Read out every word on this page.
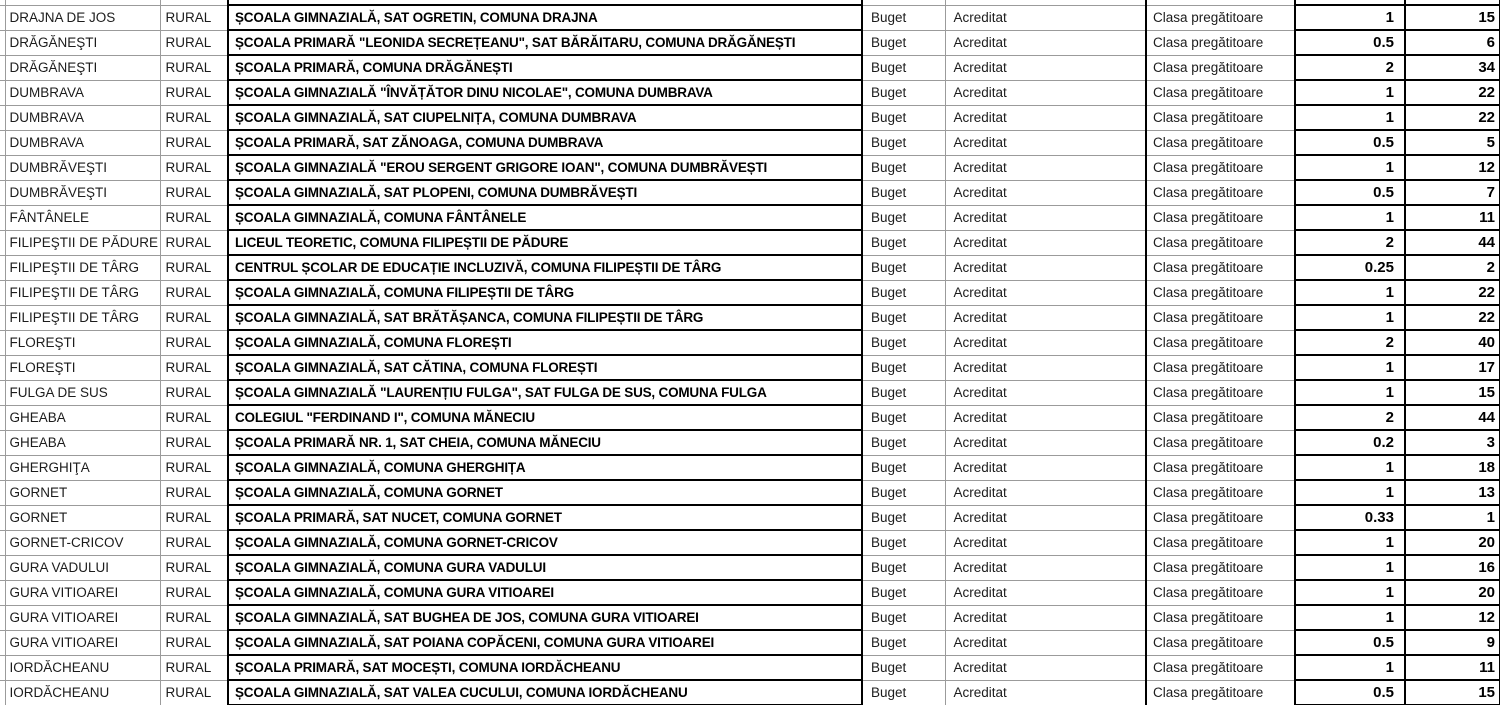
	DRAJNA DE JOS	RURAL	ȘCOALA GIMNAZIALĂ, SAT OGRETIN, COMUNA DRAJNA	Buget	Acreditat	Clasa pregătitoare	1	15
	DRĂGĂNEŞTI	RURAL	ȘCOALA PRIMARĂ "LEONIDA SECREȚEANU", SAT BĂRĂITARU, COMUNA DRĂGĂNEȘTI	Buget	Acreditat	Clasa pregătitoare	0.5	6
	DRĂGĂNEŞTI	RURAL	ȘCOALA PRIMARĂ, COMUNA DRĂGĂNEȘTI	Buget	Acreditat	Clasa pregătitoare	2	34
	DUMBRAVA	RURAL	ȘCOALA GIMNAZIALĂ "ÎNVĂȚĂTOR DINU NICOLAE", COMUNA DUMBRAVA	Buget	Acreditat	Clasa pregătitoare	1	22
	DUMBRAVA	RURAL	ȘCOALA GIMNAZIALĂ, SAT CIUPELNIȚA, COMUNA DUMBRAVA	Buget	Acreditat	Clasa pregătitoare	1	22
	DUMBRAVA	RURAL	ȘCOALA PRIMARĂ, SAT ZĂNOAGA, COMUNA DUMBRAVA	Buget	Acreditat	Clasa pregătitoare	0.5	5
	DUMBRĂVEŞTI	RURAL	ȘCOALA GIMNAZIALĂ "EROU SERGENT GRIGORE IOAN", COMUNA DUMBRĂVEȘTI	Buget	Acreditat	Clasa pregătitoare	1	12
	DUMBRĂVEŞTI	RURAL	ȘCOALA GIMNAZIALĂ, SAT PLOPENI, COMUNA DUMBRĂVEȘTI	Buget	Acreditat	Clasa pregătitoare	0.5	7
	FÂNTÂNELE	RURAL	ȘCOALA GIMNAZIALĂ, COMUNA FÂNTÂNELE	Buget	Acreditat	Clasa pregătitoare	1	11
	FILIPEŞTII DE PĂDURE	RURAL	LICEUL TEORETIC, COMUNA FILIPEȘTII DE PĂDURE	Buget	Acreditat	Clasa pregătitoare	2	44
	FILIPEŞTII DE TÂRG	RURAL	CENTRUL ȘCOLAR DE EDUCAȚIE INCLUZIVĂ, COMUNA FILIPEȘTII DE TÂRG	Buget	Acreditat	Clasa pregătitoare	0.25	2
	FILIPEŞTII DE TÂRG	RURAL	ȘCOALA GIMNAZIALĂ, COMUNA FILIPEȘTII DE TÂRG	Buget	Acreditat	Clasa pregătitoare	1	22
	FILIPEŞTII DE TÂRG	RURAL	ȘCOALA GIMNAZIALĂ, SAT BRĂTĂȘANCA, COMUNA FILIPEȘTII DE TÂRG	Buget	Acreditat	Clasa pregătitoare	1	22
	FLOREŞTI	RURAL	ȘCOALA GIMNAZIALĂ, COMUNA FLOREȘTI	Buget	Acreditat	Clasa pregătitoare	2	40
	FLOREŞTI	RURAL	ȘCOALA GIMNAZIALĂ, SAT CĂTINA, COMUNA FLOREȘTI	Buget	Acreditat	Clasa pregătitoare	1	17
	FULGA DE SUS	RURAL	ȘCOALA GIMNAZIALĂ "LAURENȚIU FULGA", SAT FULGA DE SUS, COMUNA FULGA	Buget	Acreditat	Clasa pregătitoare	1	15
	GHEABA	RURAL	COLEGIUL "FERDINAND I", COMUNA MĂNECIU	Buget	Acreditat	Clasa pregătitoare	2	44
	GHEABA	RURAL	ȘCOALA PRIMARĂ NR. 1, SAT CHEIA, COMUNA MĂNECIU	Buget	Acreditat	Clasa pregătitoare	0.2	3
	GHERGHIŢA	RURAL	ȘCOALA GIMNAZIALĂ, COMUNA GHERGHIȚA	Buget	Acreditat	Clasa pregătitoare	1	18
	GORNET	RURAL	ȘCOALA GIMNAZIALĂ, COMUNA GORNET	Buget	Acreditat	Clasa pregătitoare	1	13
	GORNET	RURAL	ȘCOALA PRIMARĂ, SAT NUCET, COMUNA GORNET	Buget	Acreditat	Clasa pregătitoare	0.33	1
	GORNET-CRICOV	RURAL	ȘCOALA GIMNAZIALĂ, COMUNA GORNET-CRICOV	Buget	Acreditat	Clasa pregătitoare	1	20
	GURA VADULUI	RURAL	ȘCOALA GIMNAZIALĂ, COMUNA GURA VADULUI	Buget	Acreditat	Clasa pregătitoare	1	16
	GURA VITIOAREI	RURAL	ȘCOALA GIMNAZIALĂ, COMUNA GURA VITIOAREI	Buget	Acreditat	Clasa pregătitoare	1	20
	GURA VITIOAREI	RURAL	ȘCOALA GIMNAZIALĂ, SAT BUGHEA DE JOS, COMUNA GURA VITIOAREI	Buget	Acreditat	Clasa pregătitoare	1	12
	GURA VITIOAREI	RURAL	ȘCOALA GIMNAZIALĂ, SAT POIANA COPĂCENI, COMUNA GURA VITIOAREI	Buget	Acreditat	Clasa pregătitoare	0.5	9
	IORDĂCHEANU	RURAL	ȘCOALA PRIMARĂ, SAT MOCEȘTI, COMUNA IORDĂCHEANU	Buget	Acreditat	Clasa pregătitoare	1	11
	IORDĂCHEANU	RURAL	ȘCOALA GIMNAZIALĂ, SAT VALEA CUCULUI, COMUNA IORDĂCHEANU	Buget	Acreditat	Clasa pregătitoare	0.5	15
